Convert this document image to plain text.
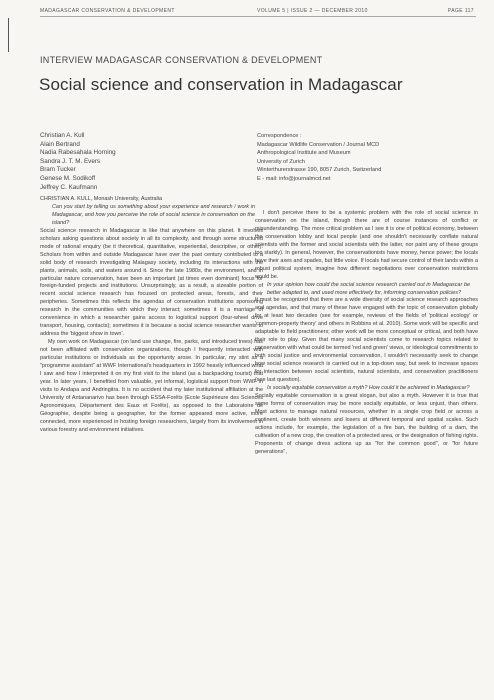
MADAGASCAR CONSERVATION & DEVELOPMENT	VOLUME 5 | ISSUE 2 — DECEMBER 2010	PAGE 117
INTERVIEW MADAGASCAR CONSERVATION & DEVELOPMENT
Social science and conservation in Madagascar
Christian A. Kull
Alain Bertrand
Nadia Rabesahala Horning
Sandra J. T. M. Evers
Bram Tucker
Genese M. Sodikoff
Jeffrey C. Kaufmann
Correspondence :
Madagascar Wildlife Conservation / Journal MCD
Anthropological Institute and Museum
University of Zurich
Winterthurerstrasse 190, 8057 Zurich, Switzerland
E - mail: info@journalmcd.net

CHRISTIAN A. KULL, Monash University, Australia

Can you start by telling us something about your experience and research / work in Madagascar, and how you perceive the role of social science in conservation on the island?

Social science research in Madagascar is like that anywhere on this planet. It involves scholars asking questions about society in all its complexity, and through some structured mode of rational enquiry (be it theoretical, quantitative, experiential, descriptive, or other). Scholars from within and outside Madagascar have over the past century contributed to a solid body of research investigating Malagasy society, including its interactions with the plants, animals, soils, and waters around it. Since the late 1980s, the environment, and in particular nature conservation, have been an important (at times even dominant) focus for foreign-funded projects and institutions. Unsurprisingly, as a result, a sizeable portion of recent social science research has focused on protected areas, forests, and their peripheries. Sometimes this reflects the agendas of conservation institutions sponsoring research in the communities with which they interact; sometimes it is a marriage of convenience in which a researcher gains access to logistical support (four-wheel drive transport, housing, contacts); sometimes it is because a social science researcher wants to address the 'biggest show in town'.

My own work on Madagascar (on land use change, fire, parks, and introduced trees) has not been affiliated with conservation organizations, though I frequently interacted with particular institutions or individuals as the opportunity arose. In particular, my stint as a "programme assistant" at WWF International's headquarters in 1992 heavily influenced what I saw and how I interpreted it on my first visit to the island (as a backpacking tourist) that year. In later years, I benefited from valuable, yet informal, logistical support from WWF in visits to Andapa and Andringitra. It is no accident that my later institutional affiliation at the University of Antananarivo has been through ESSA-Forêts (Ecole Supérieure des Sciences Agronomiques, Département des Eaux et Forêts), as opposed to the Laboratoire de Géographie, despite being a geographer, for the former appeared more active, more connected, more experienced in hosting foreign researchers, largely from its involvement in various forestry and environment initiatives.

I don't perceive there to be a systemic problem with the role of social science in conservation on the island, though there are of course instances of conflict or misunderstanding. The more critical problem as I see it is one of political economy, between the conservation lobby and local people (and one shouldn't necessarily conflate natural scientists with the former and social scientists with the latter, nor paint any of these groups too starkly). In general, however, the conservationists have money, hence power; the locals have their axes and spades, but little voice. If locals had secure control of their lands within a robust political system, imagine how different negotiations over conservation restrictions would be.

In your opinion how could the social science research carried out in Madagascar be better adapted to, and used more effectively for, informing conservation policies?

It must be recognized that there are a wide diversity of social science research approaches and agendas, and that many of these have engaged with the topic of conservation globally for at least two decades (see for example, reviews of the fields of 'political ecology' or 'common-property theory' and others in Robbins et al. 2010). Some work will be specific and adaptable to field practitioners; other work will be more conceptual or critical, and both have their role to play. Given that many social scientists come to research topics related to conservation with what could be termed 'red and green' views, or ideological commitments to both social justice and environmental conservation, I wouldn't necessarily seek to change how social science research is carried out in a top-down way, but seek to increase spaces for interaction between social scientists, natural scientists, and conservation practitioners (see last question).

Is socially equitable conservation a myth? How could it be achieved in Madagascar?

Socially equitable conservation is a great slogan, but also a myth. However it is true that some forms of conservation may be more socially equitable, or less unjust, than others. Most actions to manage natural resources, whether in a single crop field or across a continent, create both winners and losers at different temporal and spatial scales. Such actions include, for example, the legislation of a fire ban, the building of a dam, the cultivation of a new crop, the creation of a protected area, or the designation of fishing rights. Proponents of change dress actions up as "for the common good", or "for future generations",
